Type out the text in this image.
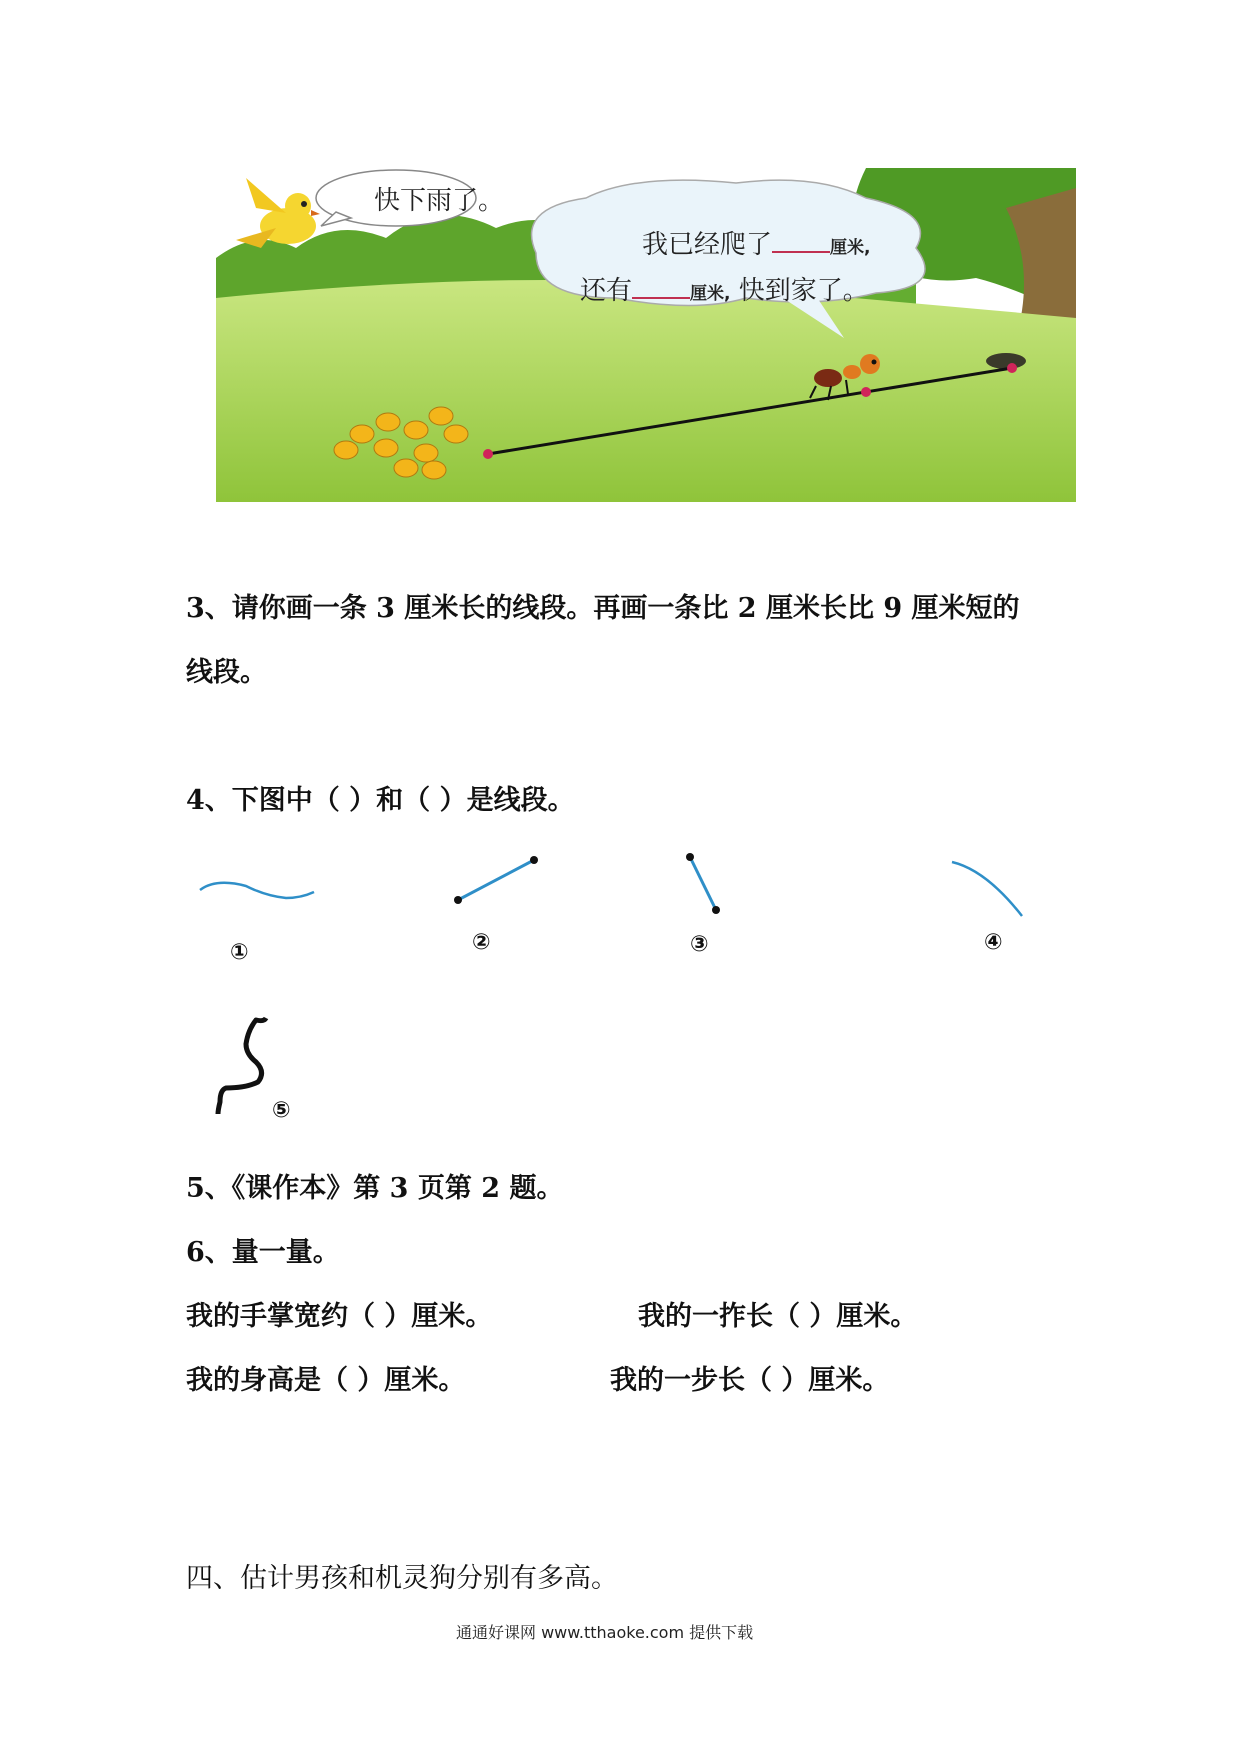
快下雨了。
我已经爬了	厘米,
还有	厘米, 快到家了。
3、请你画一条 3 厘米长的线段。再画一条比 2 厘米长比 9 厘米短的
线段。
4、下图中（ ）和（ ）是线段。
①	②	③	④
⑤
5、《课作本》第 3 页第 2 题。
6、量一量。
我的手掌宽约（ ）厘米。	我的一拃长（ ）厘米。
我的身高是（ ）厘米。	我的一步长（ ）厘米。
四、估计男孩和机灵狗分别有多高。
通通好课网 www.tthaoke.com 提供下载
